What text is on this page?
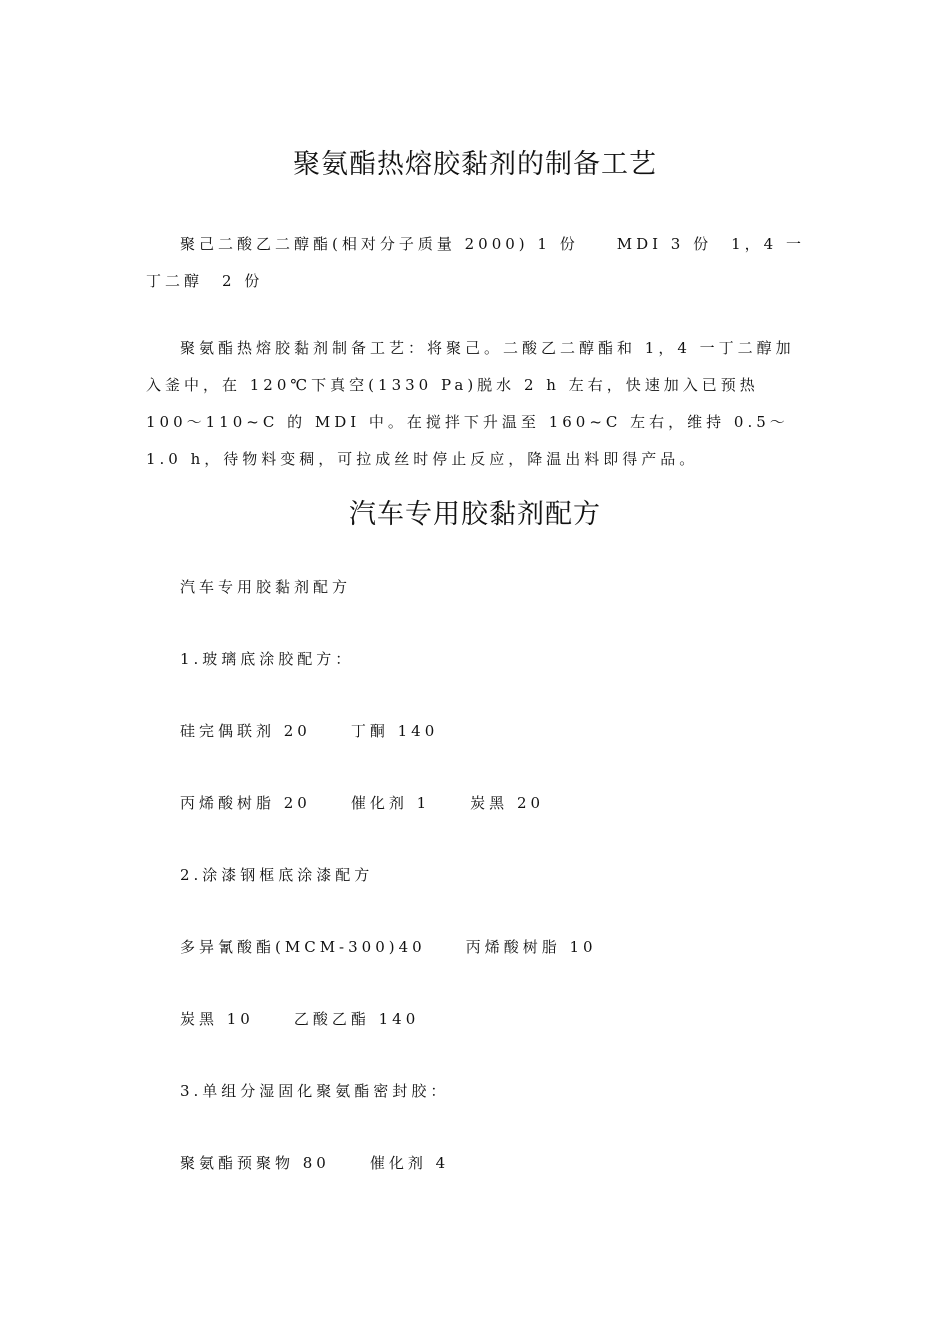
聚氨酯热熔胶黏剂的制备工艺

聚己二酸乙二醇酯(相对分子质量 2000) 1 份　　MDI 3 份　1，4 一丁二醇　2 份

聚氨酯热熔胶黏剂制备工艺：将聚己。二酸乙二醇酯和 1，4 一丁二醇加入釜中，在 120℃下真空(1330 Pa)脱水 2 h 左右，快速加入已预热 100～110~C 的 MDI 中。在搅拌下升温至 160~C 左右，维持 0.5～1.0 h，待物料变稠，可拉成丝时停止反应，降温出料即得产品。

汽车专用胶黏剂配方

汽车专用胶黏剂配方

1.玻璃底涂胶配方：

硅完偶联剂 20	丁酮 140

丙烯酸树脂 20	催化剂 1	炭黑 20

2.涂漆钢框底涂漆配方

多异氰酸酯(MCM-300)40	丙烯酸树脂 10

炭黑 10	乙酸乙酯 140

3.单组分湿固化聚氨酯密封胶：

聚氨酯预聚物 80	催化剂 4
